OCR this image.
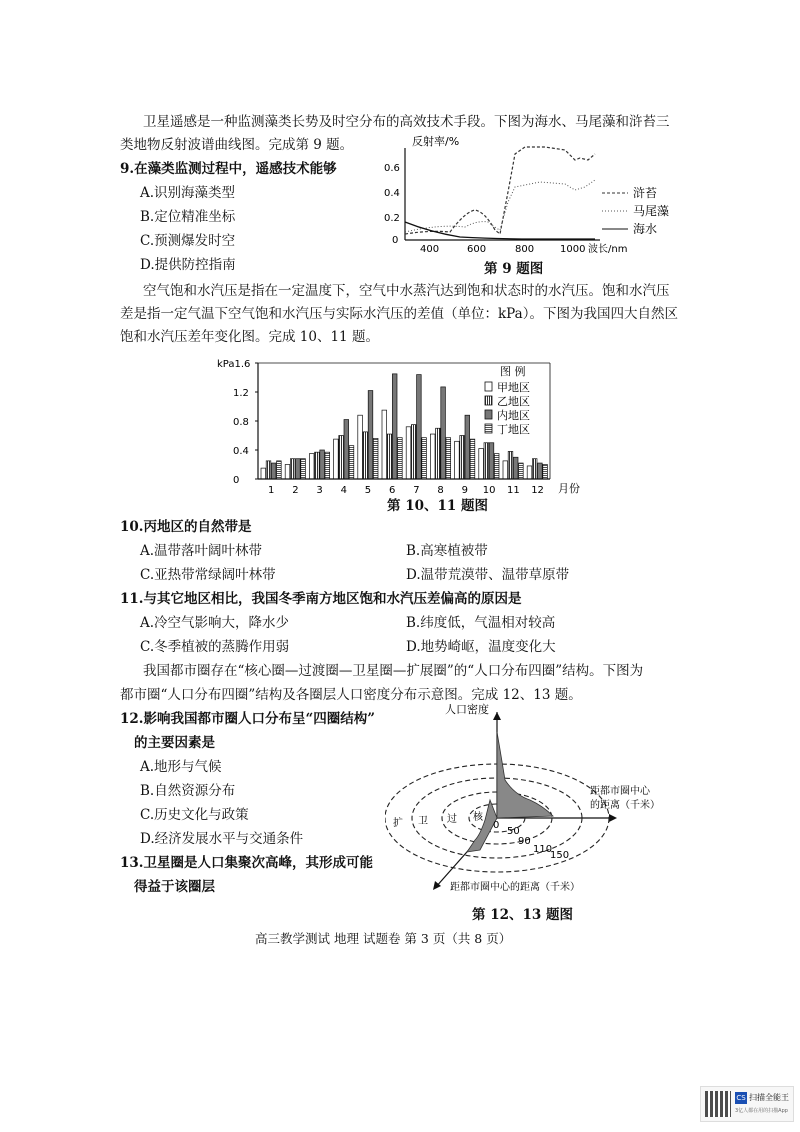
卫星遥感是一种监测藻类长势及时空分布的高效技术手段。下图为海水、马尾藻和浒苔三
类地物反射波谱曲线图。完成第 9 题。
9.在藻类监测过程中，遥感技术能够
A.识别海藻类型
B.定位精准坐标
C.预测爆发时空
D.提供防控指南
反射率/%
0.6
0.4
0.2
0
400	600	800	1000 波长/nm
浒苔
马尾藻
海水
第 9 题图
空气饱和水汽压是指在一定温度下，空气中水蒸汽达到饱和状态时的水汽压。饱和水汽压
差是指一定气温下空气饱和水汽压与实际水汽压的差值（单位：kPa）。下图为我国四大自然区
饱和水汽压差年变化图。完成 10、11 题。
0
0.4
0.8
1.2
kPa1.6
1 2 3 4 5 6 7 8 9 10 11 12 月份
图 例
甲地区
乙地区
内地区
丁地区
第 10、11 题图
10.丙地区的自然带是
A.温带落叶阔叶林带	B.高寒植被带
C.亚热带常绿阔叶林带	D.温带荒漠带、温带草原带
11.与其它地区相比，我国冬季南方地区饱和水汽压差偏高的原因是
A.冷空气影响大，降水少	B.纬度低，气温相对较高
C.冬季植被的蒸腾作用弱	D.地势崎岖，温度变化大
我国都市圈存在“核心圈—过渡圈—卫星圈—扩展圈”的“人口分布四圈”结构。下图为
都市圈“人口分布四圈”结构及各圈层人口密度分布示意图。完成 12、13 题。
12.影响我国都市圈人口分布呈“四圈结构”
的主要因素是
A.地形与气候
B.自然资源分布
C.历史文化与政策
D.经济发展水平与交通条件
13.卫星圈是人口集聚次高峰，其形成可能
得益于该圈层
人口密度
0
50
90
110
150
扩 卫 过 核
距都市圈中心
的距离（千米）
距都市圈中心的距离（千米）
第 12、13 题图
高三教学测试 地理 试题卷 第 3 页（共 8 页）
CS 扫描全能王
3亿人都在用的扫描App
